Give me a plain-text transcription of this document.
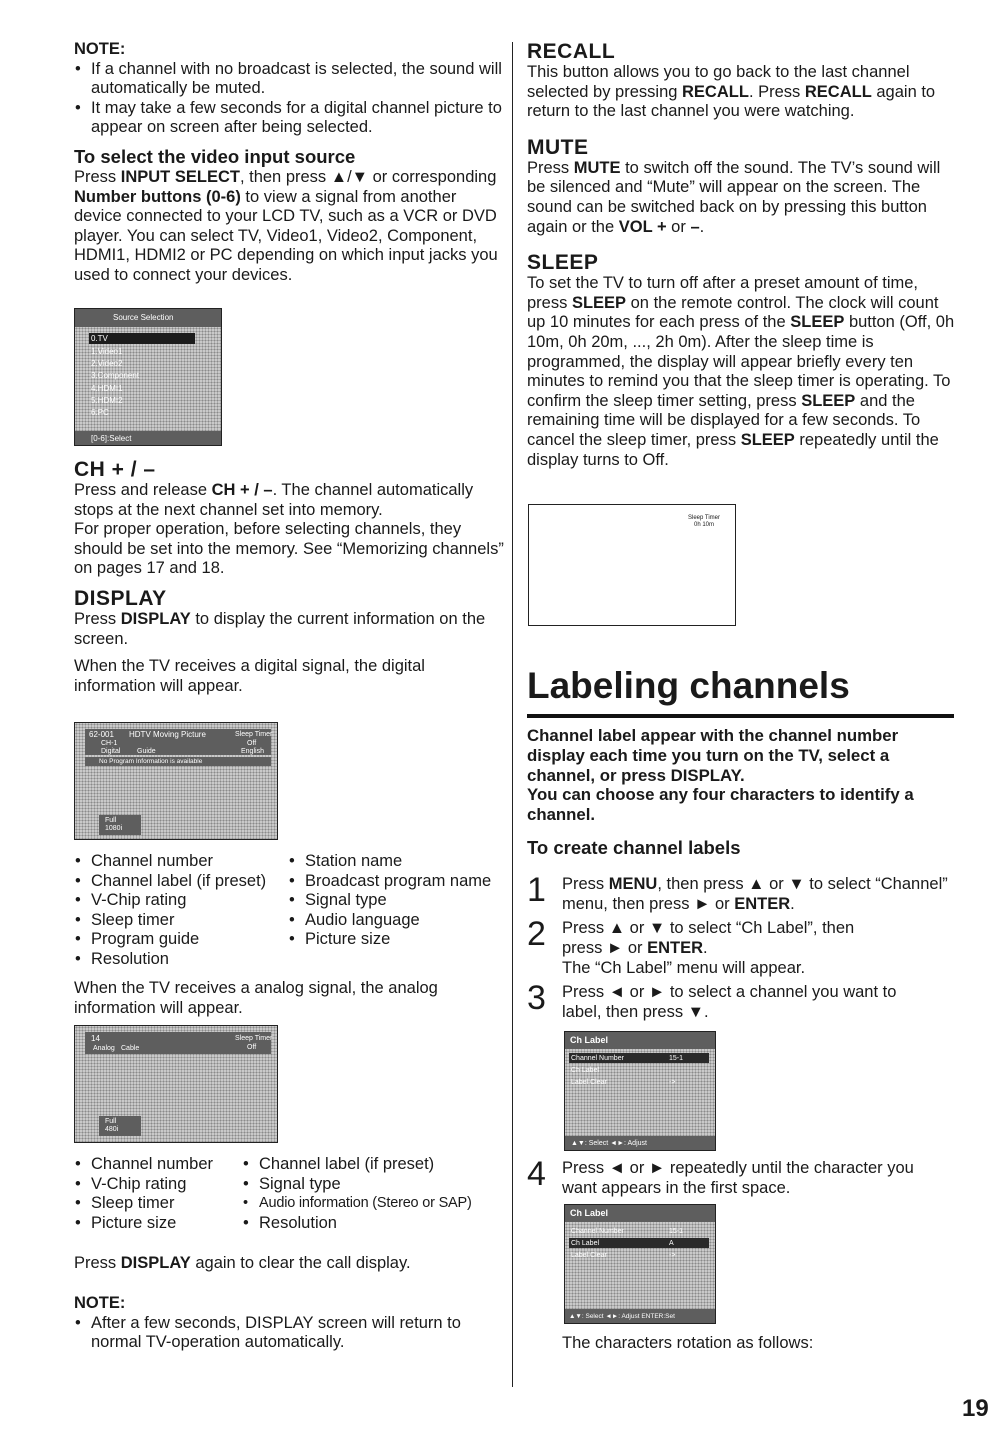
NOTE:
• If a channel with no broadcast is selected, the sound will automatically be muted.
• It may take a few seconds for a digital channel picture to appear on screen after being selected.
To select the video input source

Press INPUT SELECT, then press ▲/▼ or corresponding Number buttons (0-6) to view a signal from another device connected to your LCD TV, such as a VCR or DVD player. You can select TV, Video1, Video2, Component, HDMI1, HDMI2 or PC depending on which input jacks you used to connect your devices.

Source Selection
0.TV
1.Video1
2.Video2
3.Component
4.HDMI1
5.HDMI2
6.PC
[0-6]:Select
CH + / –

Press and release CH + / –. The channel automatically stops at the next channel set into memory.

For proper operation, before selecting channels, they should be set into the memory. See “Memorizing channels” on pages 17 and 18.

DISPLAY

Press DISPLAY to display the current information on the screen.

When the TV receives a digital signal, the digital information will appear.

62-001 HDTV Moving Picture
CH-1
Digital Guide
Sleep Timer
Off
English
No Program Information is available
Full
1080i
• Channel number
• Channel label (if preset)
• V-Chip rating
• Sleep timer
• Program guide
• Resolution
• Station name
• Broadcast program name
• Signal type
• Audio language
• Picture size

When the TV receives a analog signal, the analog information will appear.

14
Analog Cable
Sleep Timer
Off
Full
480i
• Channel number
• V-Chip rating
• Sleep timer
• Picture size
• Channel label (if preset)
• Signal type
• Audio information (Stereo or SAP)
• Resolution

Press DISPLAY again to clear the call display.

NOTE:
• After a few seconds, DISPLAY screen will return to normal TV-operation automatically.
RECALL

This button allows you to go back to the last channel selected by pressing RECALL. Press RECALL again to return to the last channel you were watching.

MUTE

Press MUTE to switch off the sound. The TV’s sound will be silenced and “Mute” will appear on the screen. The sound can be switched back on by pressing this button again or the VOL + or –.

SLEEP

To set the TV to turn off after a preset amount of time, press SLEEP on the remote control. The clock will count up 10 minutes for each press of the SLEEP button (Off, 0h 10m, 0h 20m, ..., 2h 0m). After the sleep time is programmed, the display will appear briefly every ten minutes to remind you that the sleep timer is operating. To confirm the sleep timer setting, press SLEEP and the remaining time will be displayed for a few seconds. To cancel the sleep timer, press SLEEP repeatedly until the display turns to Off.

Sleep Timer
0h 10m
Labeling channels
Channel label appear with the channel number display each time you turn on the TV, select a channel, or press DISPLAY.
You can choose any four characters to identify a channel.
To create channel labels
1 Press MENU, then press ▲ or ▼ to select “Channel” menu, then press ► or ENTER.
2 Press ▲ or ▼ to select “Ch Label”, then press ► or ENTER.
The “Ch Label” menu will appear.
3 Press ◄ or ► to select a channel you want to label, then press ▼.
Ch Label
Channel Number	15-1
Ch Label
Label Clear	->
▲▼: Select ◄►: Adjust
4 Press ◄ or ► repeatedly until the character you want appears in the first space.
Ch Label
Channel Number	15-1
Ch Label	A
Label Clear	->
▲▼: Select ◄►: Adjust ENTER:Set

The characters rotation as follows:

19
